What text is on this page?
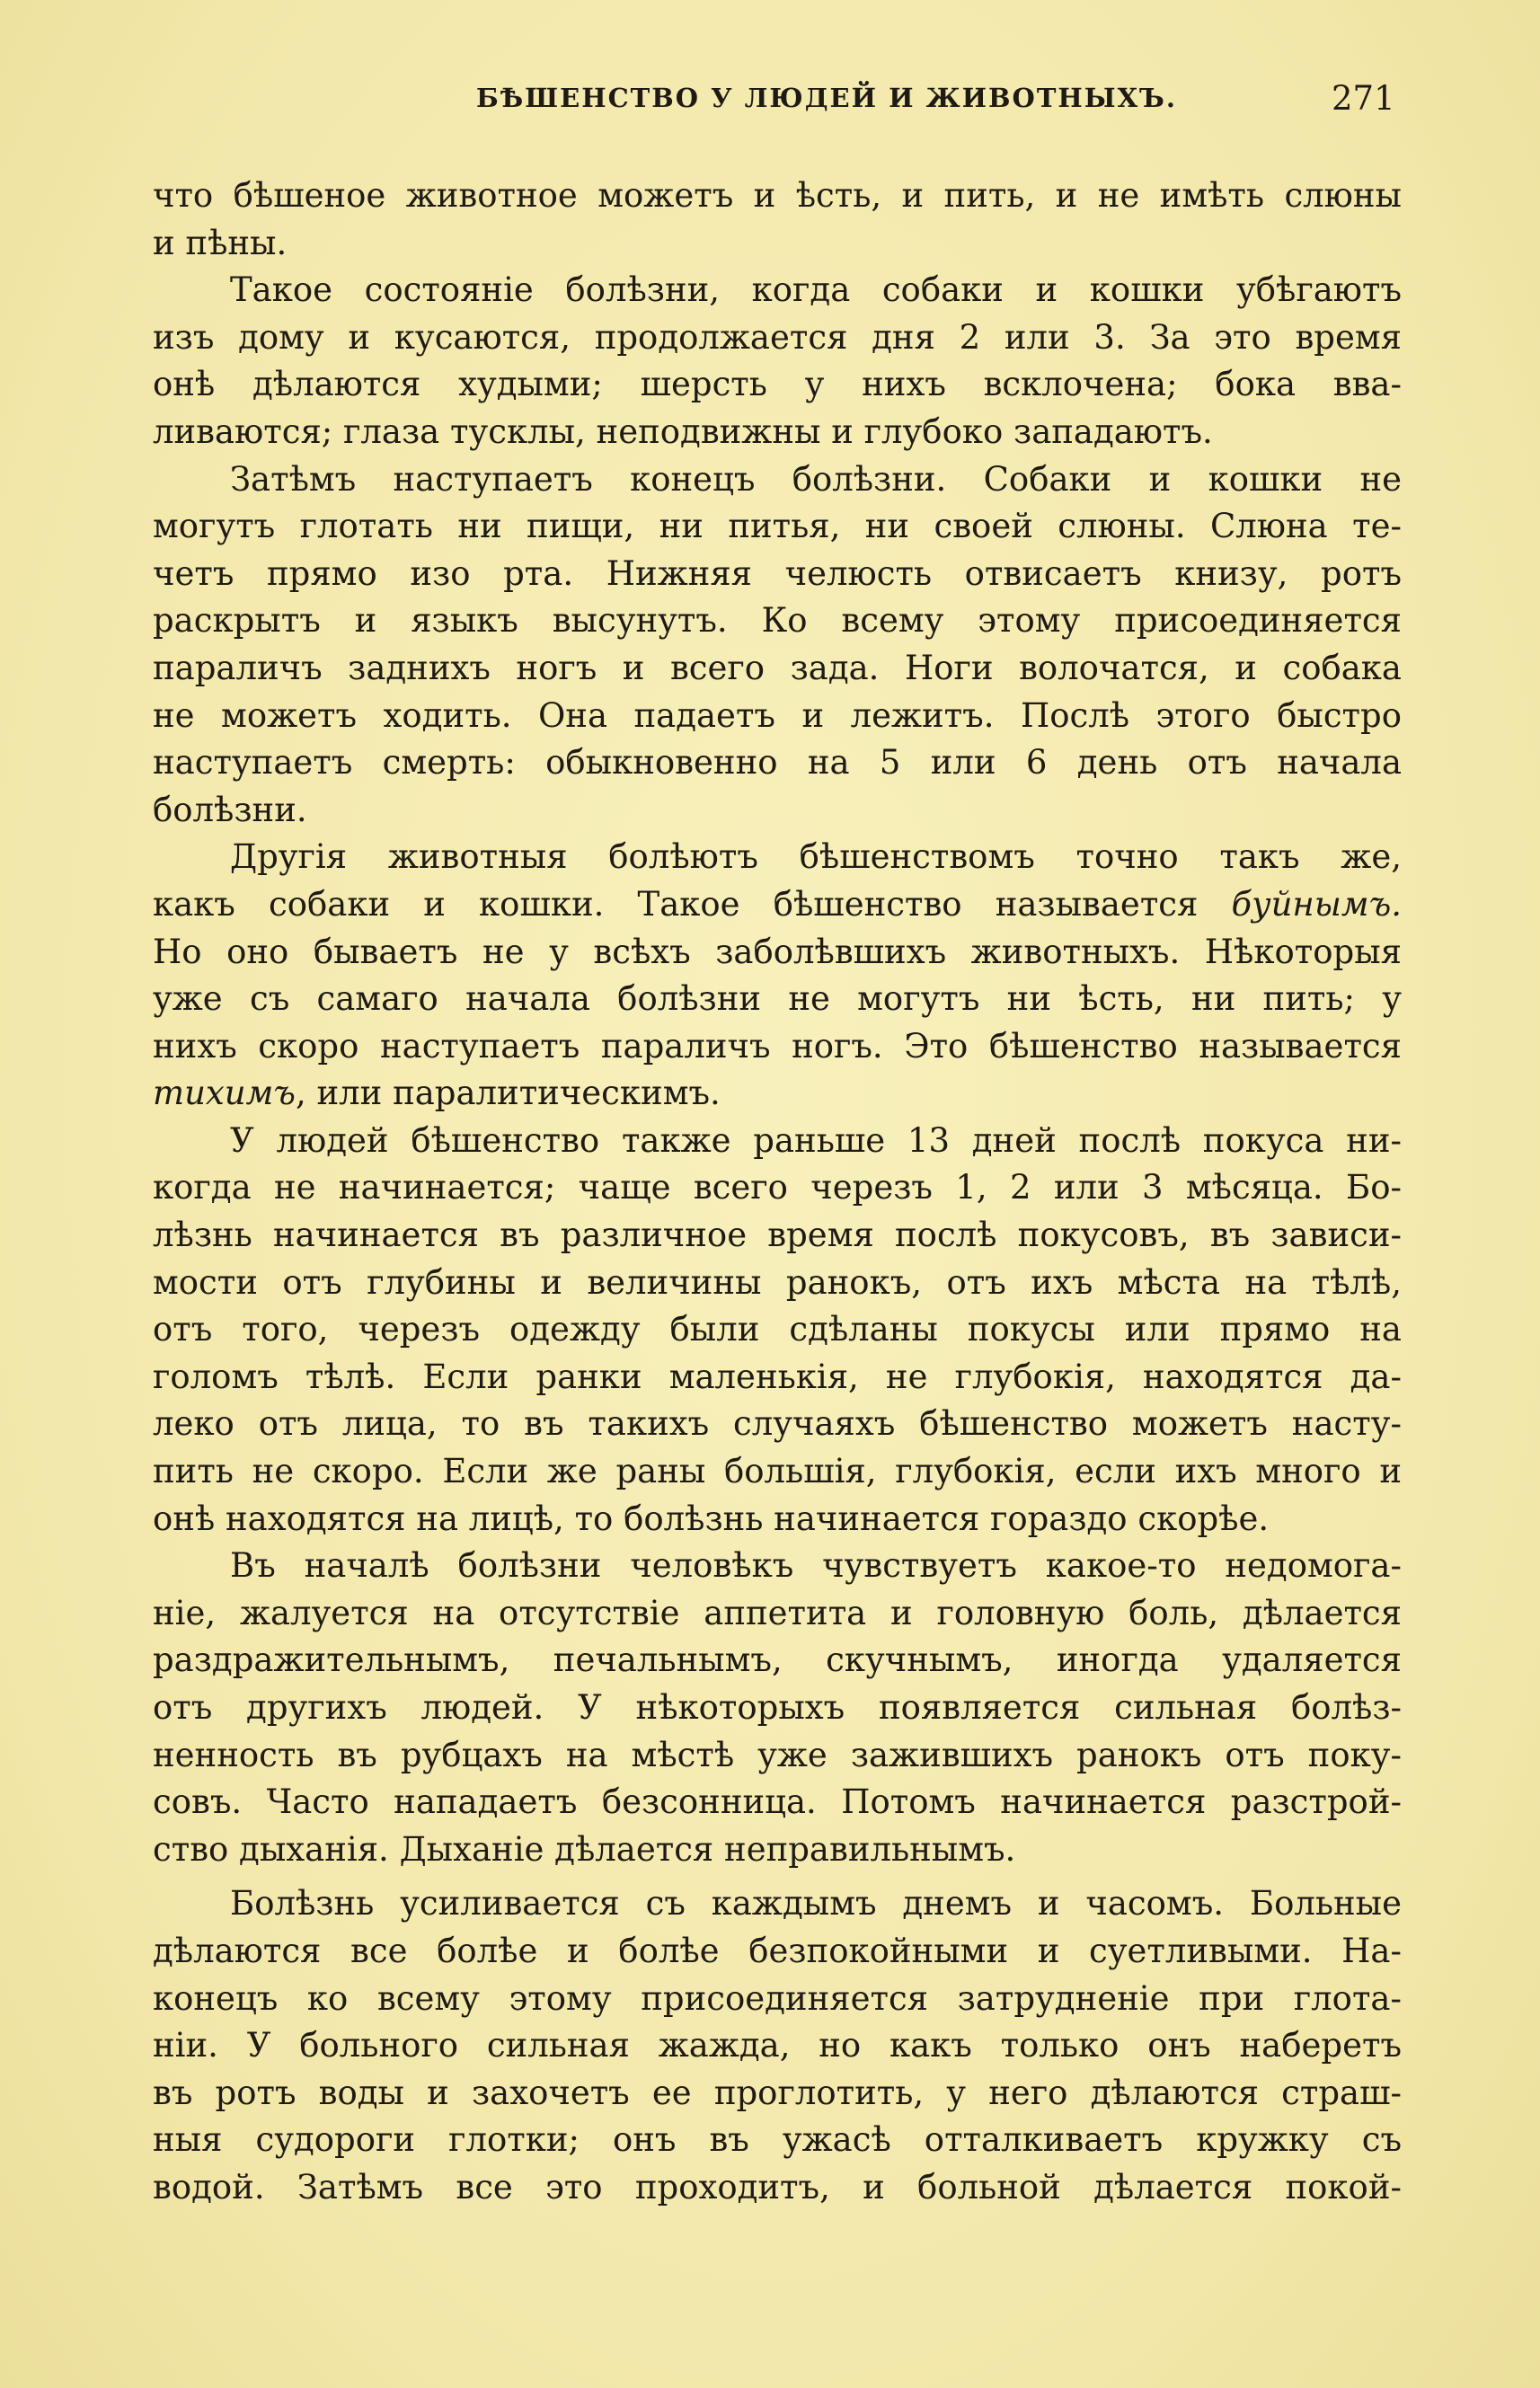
БѢШЕНСТВО У ЛЮДЕЙ И ЖИВОТНЫХЪ.	271
что бѣшеное животное можетъ и ѣсть, и пить, и не имѣть слюны
и пѣны.
Такое состоянiе болѣзни, когда собаки и кошки убѣгаютъ
изъ дому и кусаются, продолжается дня 2 или 3. За это время
онѣ дѣлаются худыми; шерсть у нихъ всклочена; бока вва-
ливаются; глаза тусклы, неподвижны и глубоко западаютъ.
Затѣмъ наступаетъ конецъ болѣзни. Собаки и кошки не
могутъ глотать ни пищи, ни питья, ни своей слюны. Слюна те-
четъ прямо изо рта. Нижняя челюсть отвисаетъ книзу, ротъ
раскрытъ и языкъ высунутъ. Ко всему этому присоединяется
параличъ заднихъ ногъ и всего зада. Ноги волочатся, и собака
не можетъ ходить. Она падаетъ и лежитъ. Послѣ этого быстро
наступаетъ смерть: обыкновенно на 5 или 6 день отъ начала
болѣзни.
Другiя животныя болѣютъ бѣшенствомъ точно такъ же,
какъ собаки и кошки. Такое бѣшенство называется буйнымъ.
Но оно бываетъ не у всѣхъ заболѣвшихъ животныхъ. Нѣкоторыя
уже съ самаго начала болѣзни не могутъ ни ѣсть, ни пить; у
нихъ скоро наступаетъ параличъ ногъ. Это бѣшенство называется
тихимъ, или паралитическимъ.
У людей бѣшенство также раньше 13 дней послѣ покуса ни-
когда не начинается; чаще всего черезъ 1, 2 или 3 мѣсяца. Бо-
лѣзнь начинается въ различное время послѣ покусовъ, въ зависи-
мости отъ глубины и величины ранокъ, отъ ихъ мѣста на тѣлѣ,
отъ того, черезъ одежду были сдѣланы покусы или прямо на
голомъ тѣлѣ. Если ранки маленькiя, не глубокiя, находятся да-
леко отъ лица, то въ такихъ случаяхъ бѣшенство можетъ насту-
пить не скоро. Если же раны большiя, глубокiя, если ихъ много и
онѣ находятся на лицѣ, то болѣзнь начинается гораздо скорѣе.
Въ началѣ болѣзни человѣкъ чувствуетъ какое-то недомога-
нiе, жалуется на отсутствiе аппетита и головную боль, дѣлается
раздражительнымъ, печальнымъ, скучнымъ, иногда удаляется
отъ другихъ людей. У нѣкоторыхъ появляется сильная болѣз-
ненность въ рубцахъ на мѣстѣ уже зажившихъ ранокъ отъ поку-
совъ. Часто нападаетъ безсонница. Потомъ начинается разстрой-
ство дыханiя. Дыханiе дѣлается неправильнымъ.
Болѣзнь усиливается съ каждымъ днемъ и часомъ. Больные
дѣлаются все болѣе и болѣе безпокойными и суетливыми. На-
конецъ ко всему этому присоединяется затрудненiе при глота-
нiи. У больного сильная жажда, но какъ только онъ наберетъ
въ ротъ воды и захочетъ ее проглотить, у него дѣлаются страш-
ныя судороги глотки; онъ въ ужасѣ отталкиваетъ кружку съ
водой. Затѣмъ все это проходитъ, и больной дѣлается покой-
